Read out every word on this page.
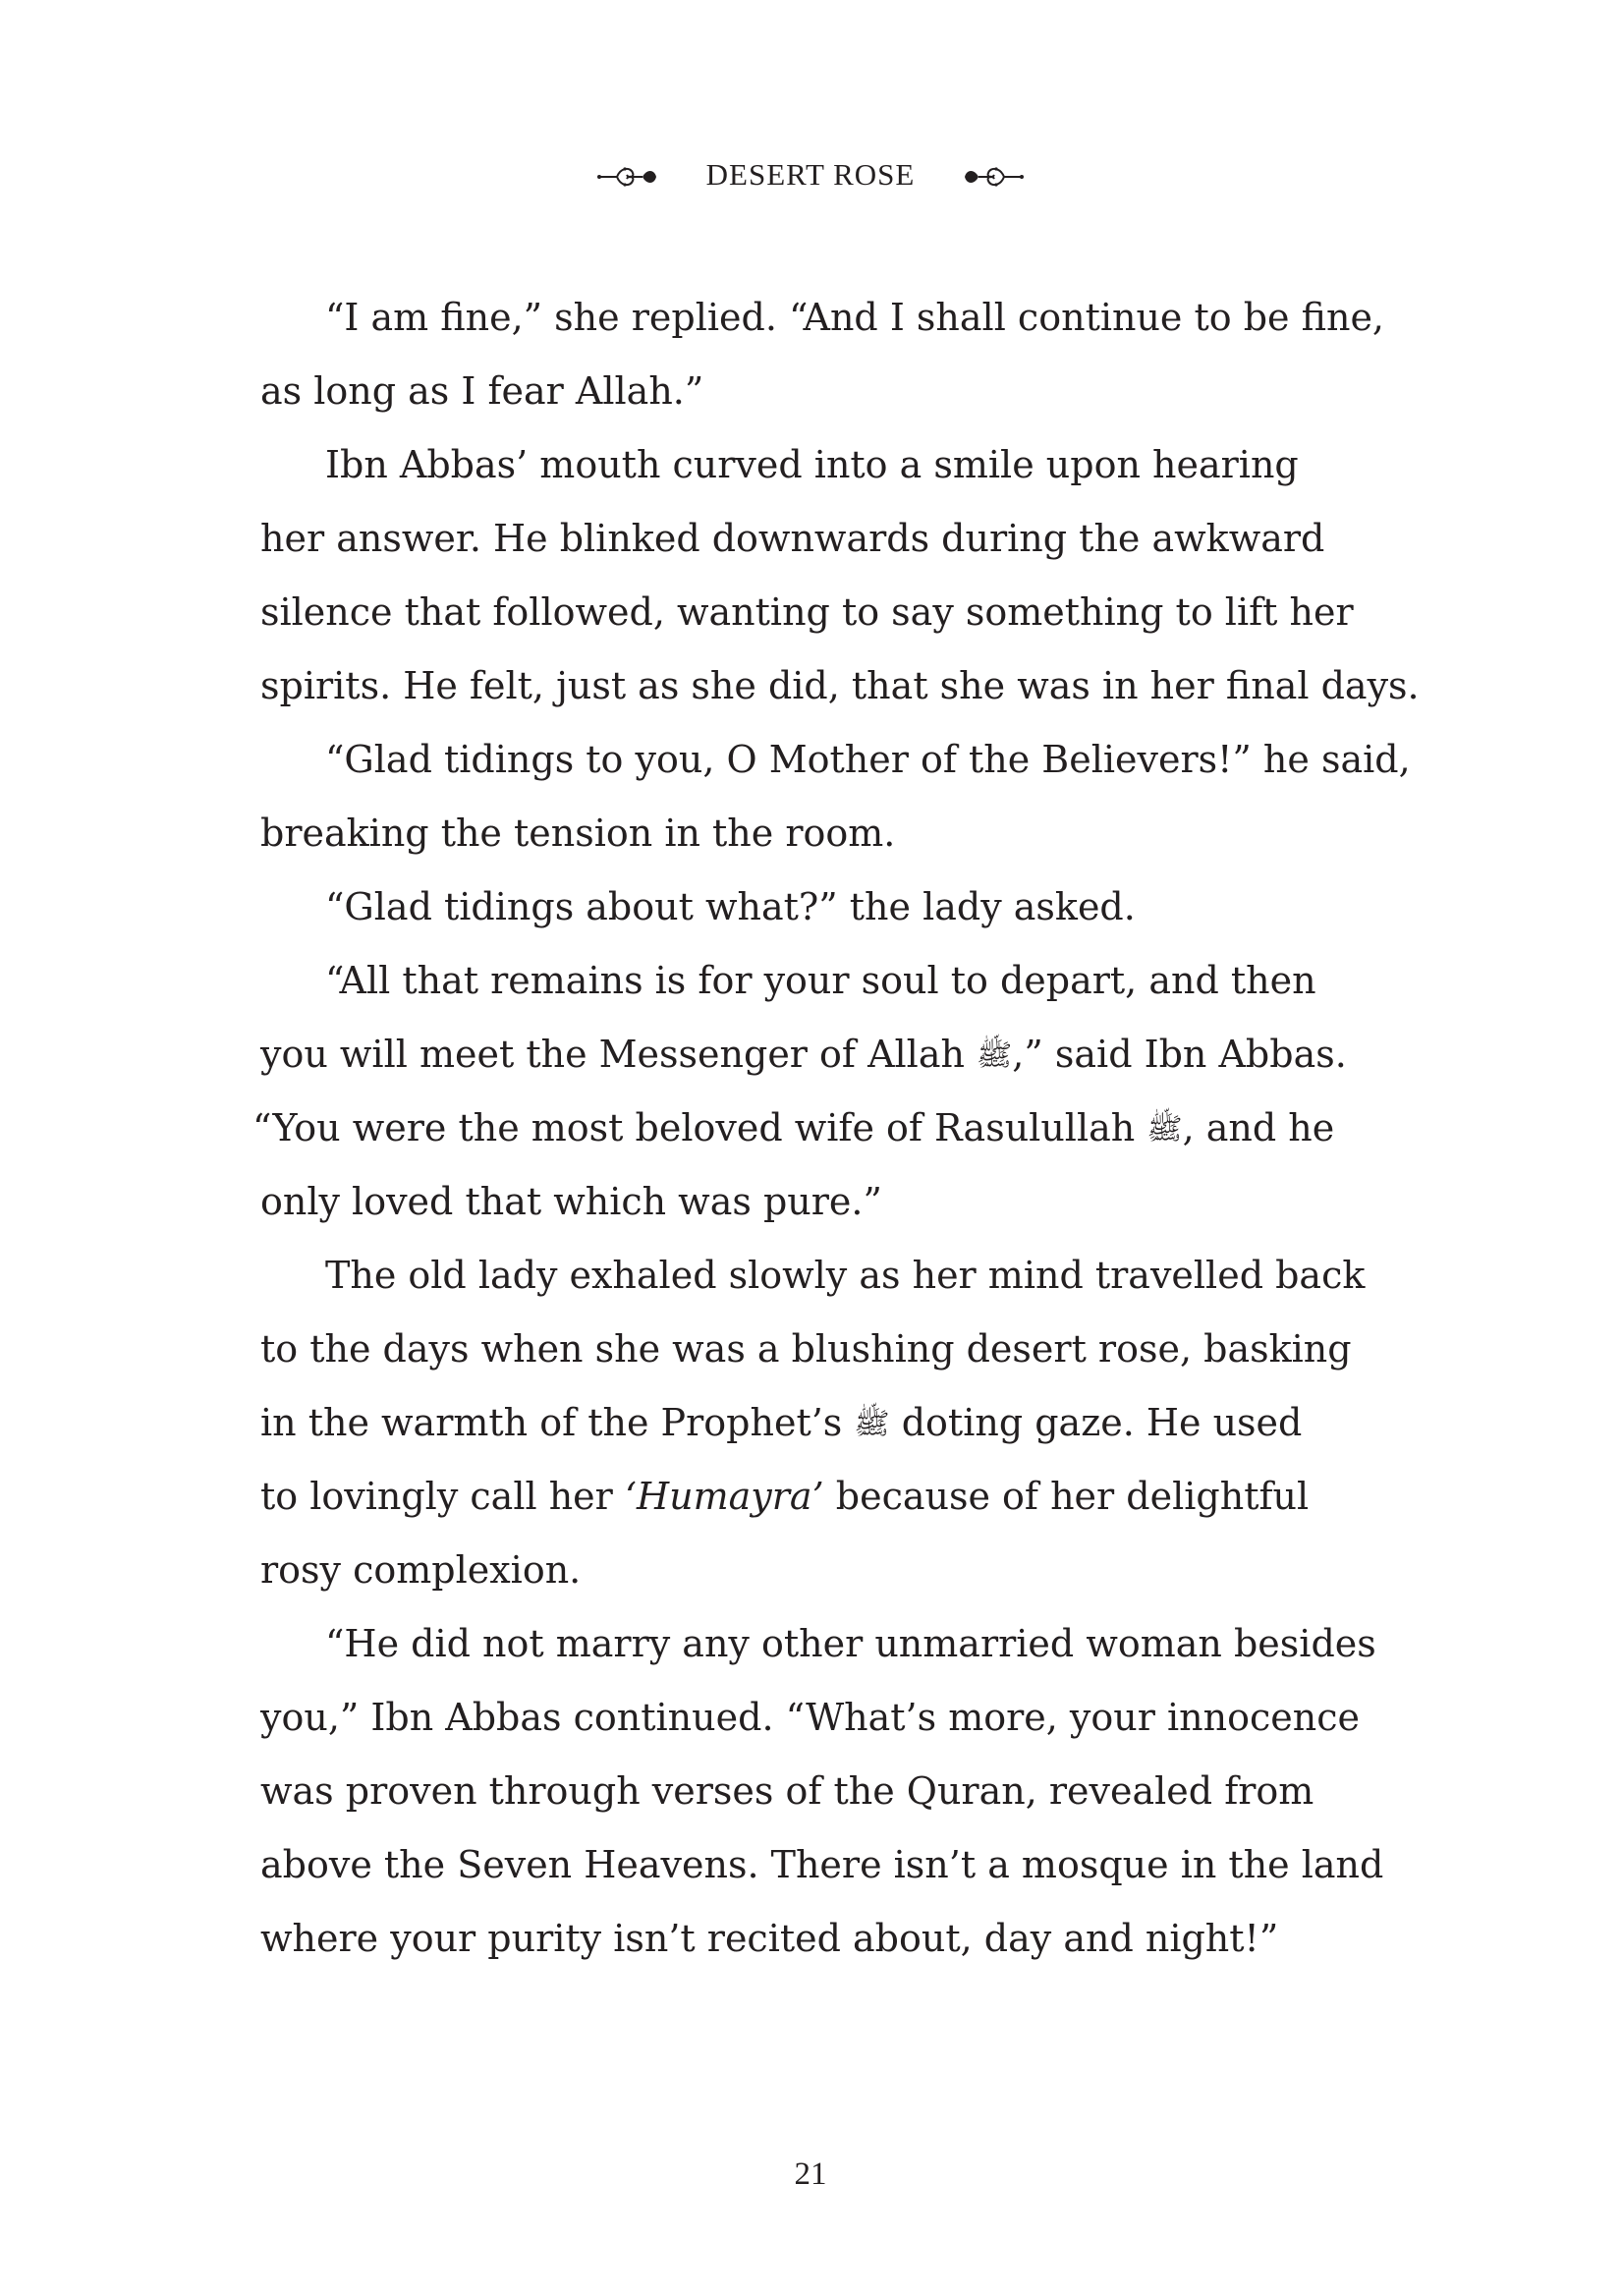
DESERT ROSE
“I am fine,” she replied. “And I shall continue to be fine,
as long as I fear Allah.”
Ibn Abbas’ mouth curved into a smile upon hearing
her answer. He blinked downwards during the awkward
silence that followed, wanting to say something to lift her
spirits. He felt, just as she did, that she was in her final days.
“Glad tidings to you, O Mother of the Believers!” he said,
breaking the tension in the room.
“Glad tidings about what?” the lady asked.
“All that remains is for your soul to depart, and then
you will meet the Messenger of Allah ﷺ,” said Ibn Abbas.
“You were the most beloved wife of Rasulullah ﷺ, and he
only loved that which was pure.”
The old lady exhaled slowly as her mind travelled back
to the days when she was a blushing desert rose, basking
in the warmth of the Prophet’s ﷺ doting gaze. He used
to lovingly call her ‘Humayra’ because of her delightful
rosy complexion.
“He did not marry any other unmarried woman besides
you,” Ibn Abbas continued. “What’s more, your innocence
was proven through verses of the Quran, revealed from
above the Seven Heavens. There isn’t a mosque in the land
where your purity isn’t recited about, day and night!”
21
